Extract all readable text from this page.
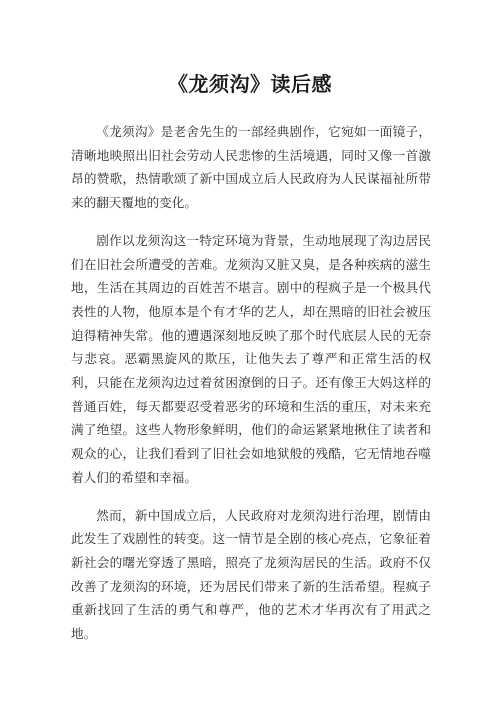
《龙须沟》读后感

《龙须沟》是老舍先生的一部经典剧作，它宛如一面镜子，清晰地映照出旧社会劳动人民悲惨的生活境遇，同时又像一首激昂的赞歌，热情歌颂了新中国成立后人民政府为人民谋福祉所带来的翻天覆地的变化。

剧作以龙须沟这一特定环境为背景，生动地展现了沟边居民们在旧社会所遭受的苦难。龙须沟又脏又臭，是各种疾病的滋生地，生活在其周边的百姓苦不堪言。剧中的程疯子是一个极具代表性的人物，他原本是个有才华的艺人，却在黑暗的旧社会被压迫得精神失常。他的遭遇深刻地反映了那个时代底层人民的无奈与悲哀。恶霸黑旋风的欺压，让他失去了尊严和正常生活的权利，只能在龙须沟边过着贫困潦倒的日子。还有像王大妈这样的普通百姓，每天都要忍受着恶劣的环境和生活的重压，对未来充满了绝望。这些人物形象鲜明，他们的命运紧紧地揪住了读者和观众的心，让我们看到了旧社会如地狱般的残酷，它无情地吞噬着人们的希望和幸福。

然而，新中国成立后，人民政府对龙须沟进行治理，剧情由此发生了戏剧性的转变。这一情节是全剧的核心亮点，它象征着新社会的曙光穿透了黑暗，照亮了龙须沟居民的生活。政府不仅改善了龙须沟的环境，还为居民们带来了新的生活希望。程疯子重新找回了生活的勇气和尊严，他的艺术才华再次有了用武之地。
